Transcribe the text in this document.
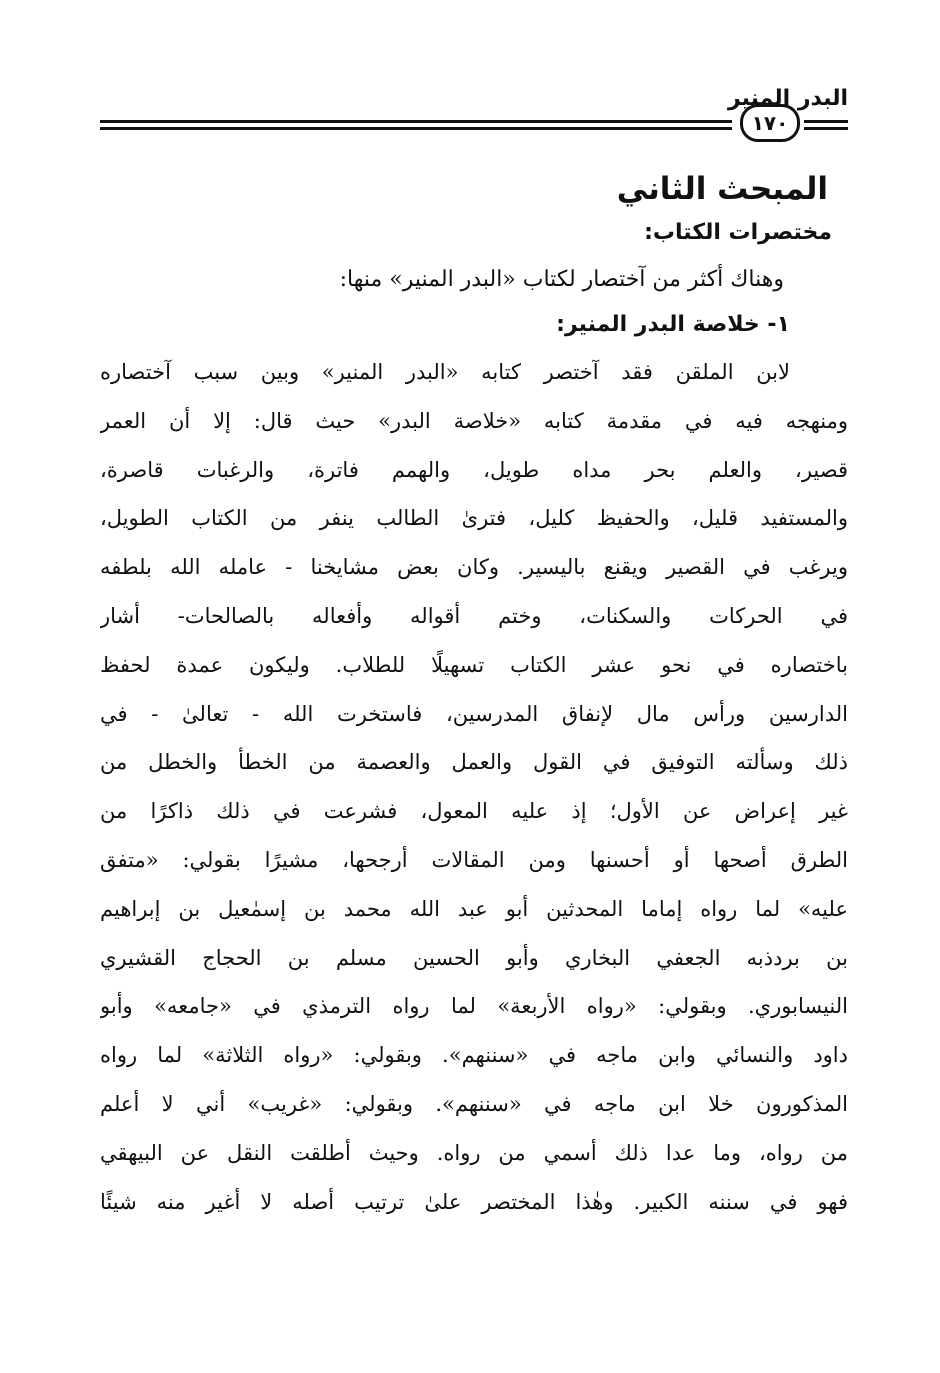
البدر المنير
١٧٠
المبحث الثاني
مختصرات الكتاب:
وهناك أكثر من آختصار لكتاب «البدر المنير» منها:
١- خلاصة البدر المنير:
لابن الملقن فقد آختصر كتابه «البدر المنير» وبين سبب آختصاره
ومنهجه فيه في مقدمة كتابه «خلاصة البدر» حيث قال: إلا أن العمر
قصير، والعلم بحر مداه طويل، والهمم فاترة، والرغبات قاصرة،
والمستفيد قليل، والحفيظ كليل، فترىٰ الطالب ينفر من الكتاب الطويل،
ويرغب في القصير ويقنع باليسير. وكان بعض مشايخنا - عامله الله بلطفه
في الحركات والسكنات، وختم أقواله وأفعاله بالصالحات- أشار
باختصاره في نحو عشر الكتاب تسهيلًا للطلاب. وليكون عمدة لحفظ
الدارسين ورأس مال لإنفاق المدرسين، فاستخرت الله - تعالىٰ - في
ذلك وسألته التوفيق في القول والعمل والعصمة من الخطأ والخطل من
غير إعراض عن الأول؛ إذ عليه المعول، فشرعت في ذلك ذاكرًا من
الطرق أصحها أو أحسنها ومن المقالات أرجحها، مشيرًا بقولي: «متفق
عليه» لما رواه إماما المحدثين أبو عبد الله محمد بن إسمٰعيل بن إبراهيم
بن بردذبه الجعفي البخاري وأبو الحسين مسلم بن الحجاج القشيري
النيسابوري. وبقولي: «رواه الأربعة» لما رواه الترمذي في «جامعه» وأبو
داود والنسائي وابن ماجه في «سننهم». وبقولي: «رواه الثلاثة» لما رواه
المذكورون خلا ابن ماجه في «سننهم». وبقولي: «غريب» أني لا أعلم
من رواه، وما عدا ذلك أسمي من رواه. وحيث أطلقت النقل عن البيهقي
فهو في سننه الكبير. وهٰذا المختصر علىٰ ترتيب أصله لا أغير منه شيئًا
